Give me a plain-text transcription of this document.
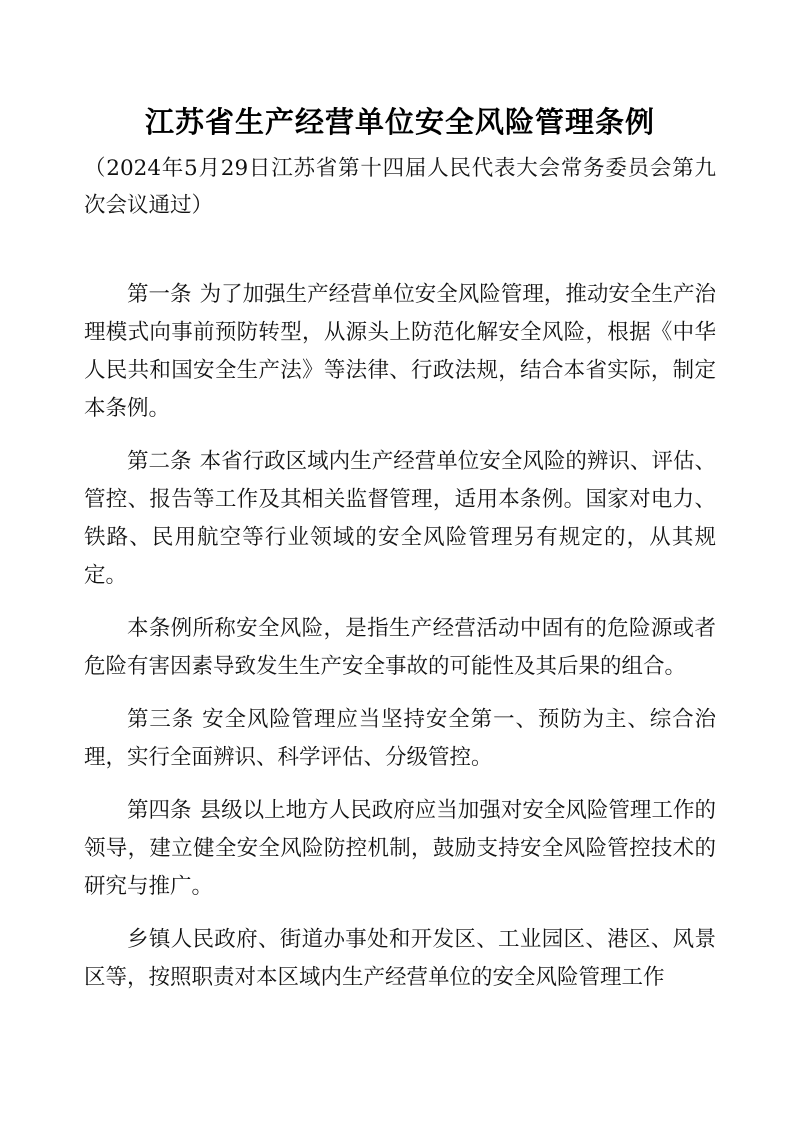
江苏省生产经营单位安全风险管理条例

（2024年5月29日江苏省第十四届人民代表大会常务委员会第九次会议通过）

第一条 为了加强生产经营单位安全风险管理，推动安全生产治理模式向事前预防转型，从源头上防范化解安全风险，根据《中华人民共和国安全生产法》等法律、行政法规，结合本省实际，制定本条例。

第二条 本省行政区域内生产经营单位安全风险的辨识、评估、管控、报告等工作及其相关监督管理，适用本条例。国家对电力、铁路、民用航空等行业领域的安全风险管理另有规定的，从其规定。

本条例所称安全风险，是指生产经营活动中固有的危险源或者危险有害因素导致发生生产安全事故的可能性及其后果的组合。

第三条 安全风险管理应当坚持安全第一、预防为主、综合治理，实行全面辨识、科学评估、分级管控。

第四条 县级以上地方人民政府应当加强对安全风险管理工作的领导，建立健全安全风险防控机制，鼓励支持安全风险管控技术的研究与推广。

乡镇人民政府、街道办事处和开发区、工业园区、港区、风景区等，按照职责对本区域内生产经营单位的安全风险管理工作
